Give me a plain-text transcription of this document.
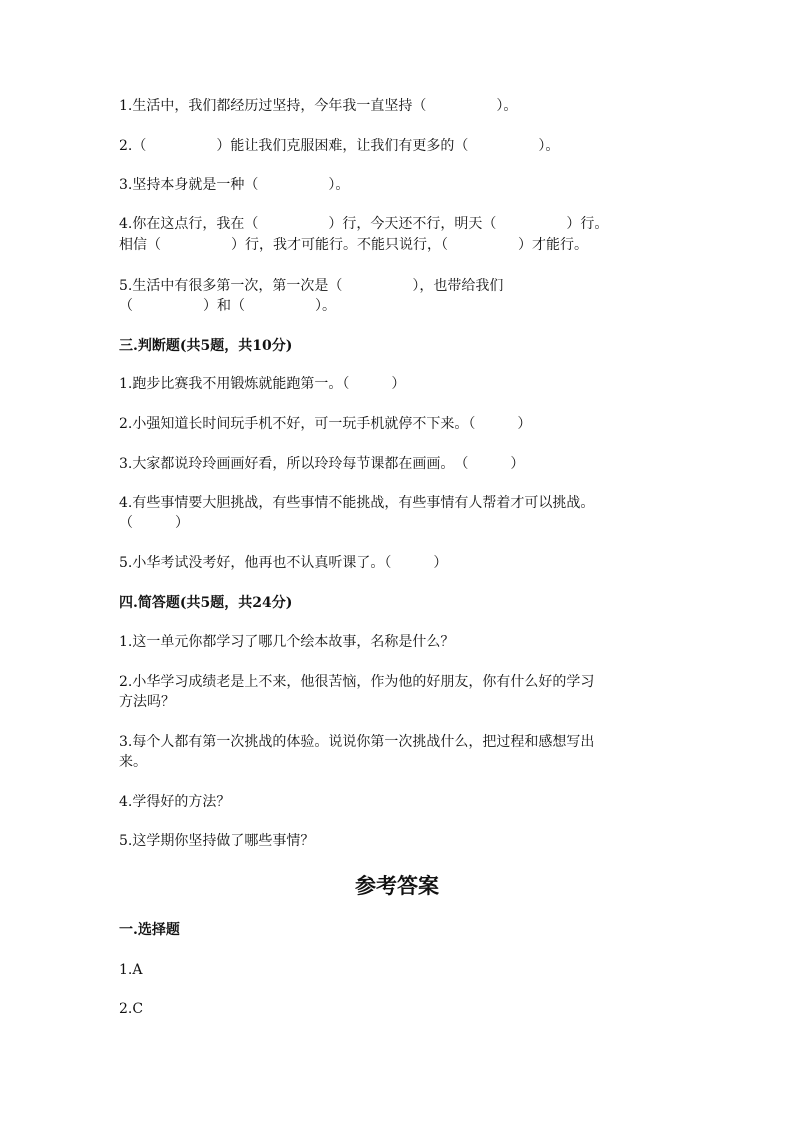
1.生活中，我们都经历过坚持，今年我一直坚持（　　　　　）。
2.（　　　　　）能让我们克服困难，让我们有更多的（　　　　　）。
3.坚持本身就是一种（　　　　　）。
4.你在这点行，我在（　　　　　）行，今天还不行，明天（　　　　　）行。
相信（　　　　　）行，我才可能行。不能只说行，（　　　　　）才能行。
5.生活中有很多第一次，第一次是（　　　　　），也带给我们
（　　　　　）和（　　　　　）。
三.判断题(共5题，共10分)
1.跑步比赛我不用锻炼就能跑第一。（　　　）
2.小强知道长时间玩手机不好，可一玩手机就停不下来。（　　　）
3.大家都说玲玲画画好看，所以玲玲每节课都在画画。　（　　　）
4.有些事情要大胆挑战，有些事情不能挑战，有些事情有人帮着才可以挑战。
（　　　）
5.小华考试没考好，他再也不认真听课了。（　　　）
四.简答题(共5题，共24分)
1.这一单元你都学习了哪几个绘本故事，名称是什么？
2.小华学习成绩老是上不来，他很苦恼，作为他的好朋友，你有什么好的学习
方法吗？
3.每个人都有第一次挑战的体验。说说你第一次挑战什么，把过程和感想写出
来。
4.学得好的方法？
5.这学期你坚持做了哪些事情？
参考答案
一.选择题
1.A
2.C
